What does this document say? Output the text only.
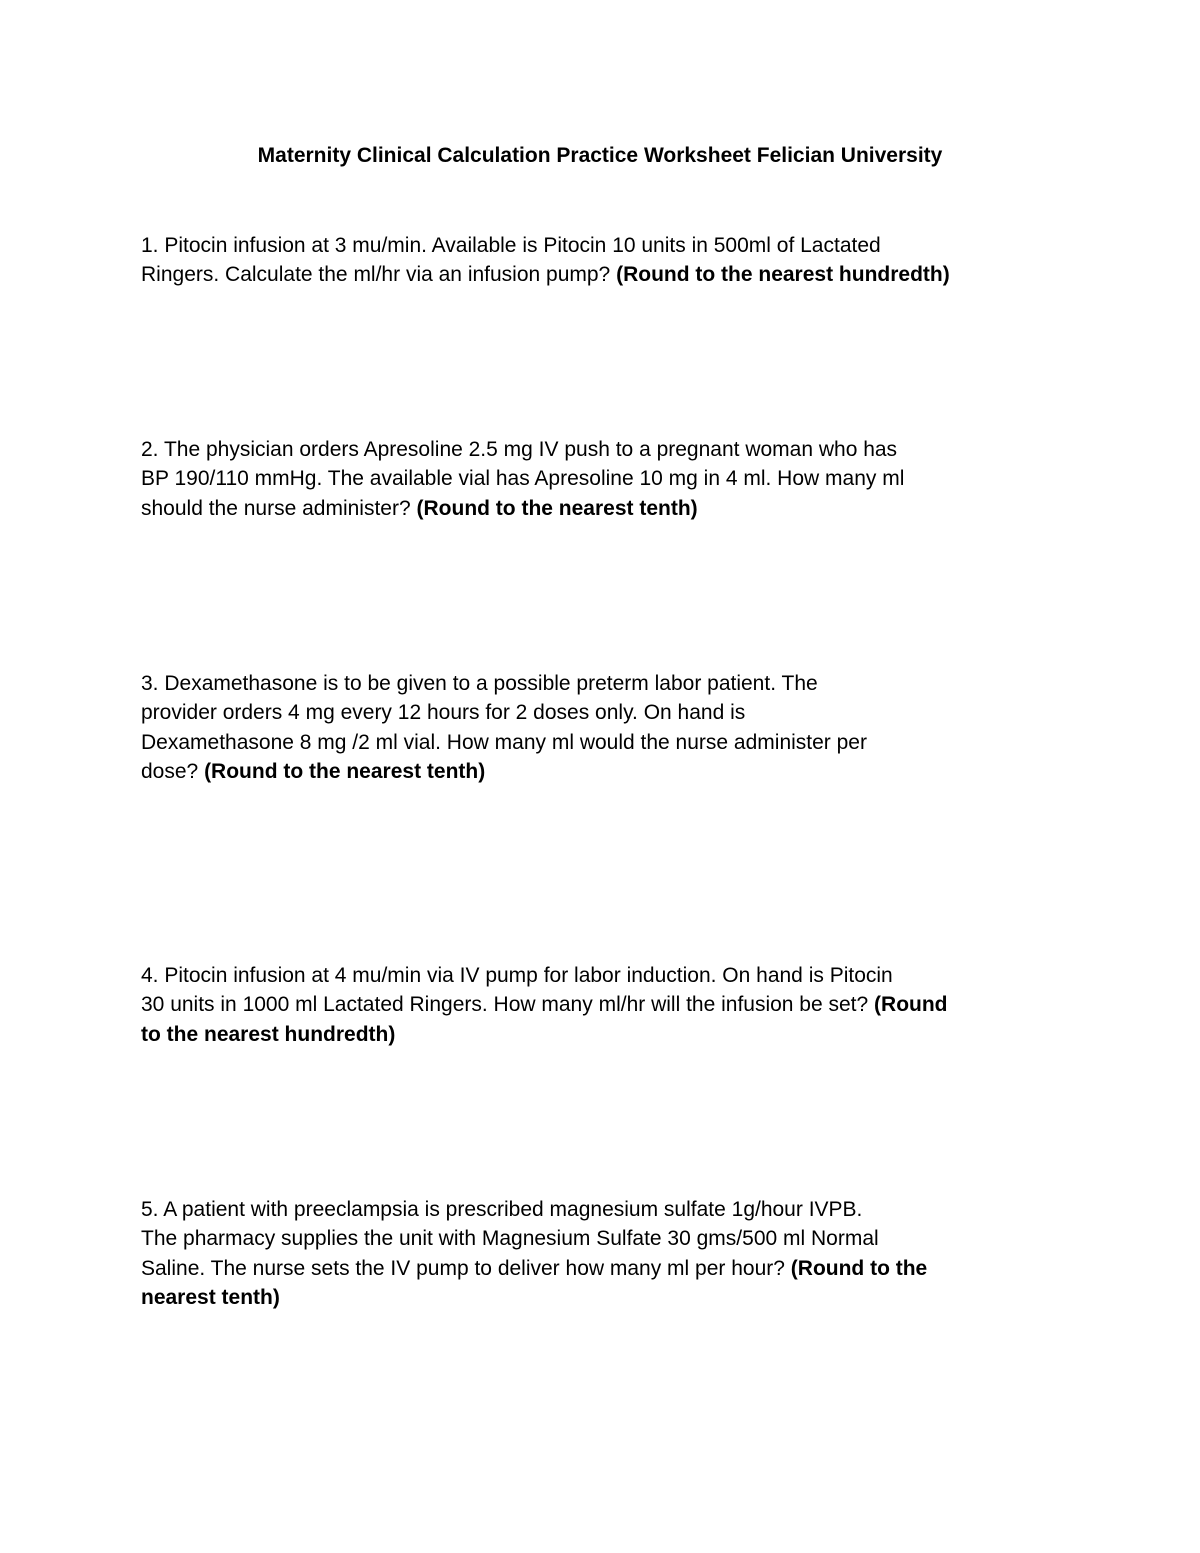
Maternity Clinical Calculation Practice Worksheet Felician University
1. Pitocin infusion at 3 mu/min. Available is Pitocin 10 units in 500ml of Lactated
Ringers. Calculate the ml/hr via an infusion pump? (Round to the nearest hundredth)
2. The physician orders Apresoline 2.5 mg IV push to a pregnant woman who has
BP 190/110 mmHg. The available vial has Apresoline 10 mg in 4 ml. How many ml
should the nurse administer? (Round to the nearest tenth)
3. Dexamethasone is to be given to a possible preterm labor patient. The
provider orders 4 mg every 12 hours for 2 doses only. On hand is
Dexamethasone 8 mg /2 ml vial. How many ml would the nurse administer per
dose? (Round to the nearest tenth)
4. Pitocin infusion at 4 mu/min via IV pump for labor induction. On hand is Pitocin
30 units in 1000 ml Lactated Ringers. How many ml/hr will the infusion be set? (Round
to the nearest hundredth)
5. A patient with preeclampsia is prescribed magnesium sulfate 1g/hour IVPB.
The pharmacy supplies the unit with Magnesium Sulfate 30 gms/500 ml Normal
Saline. The nurse sets the IV pump to deliver how many ml per hour? (Round to the
nearest tenth)
